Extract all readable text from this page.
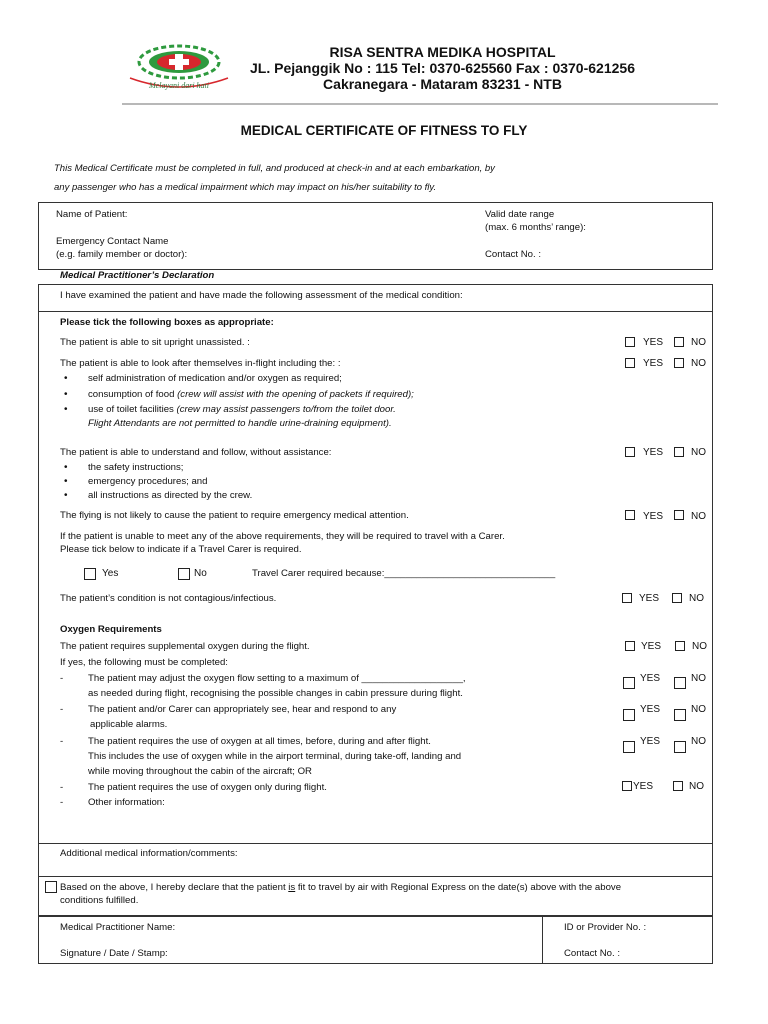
Melayani dari hati
RISA SENTRA MEDIKA HOSPITAL
JL. Pejanggik No : 115 Tel: 0370-625560 Fax : 0370-621256
Cakranegara - Mataram 83231 - NTB
MEDICAL CERTIFICATE OF FITNESS TO FLY
This Medical Certificate must be completed in full, and produced at check-in and at each embarkation, by
any passenger who has a medical impairment which may impact on his/her suitability to fly.
Name of Patient:
Emergency Contact Name
(e.g. family member or doctor):
Valid date range
(max. 6 months’ range):
Contact No. :
Medical Practitioner’s Declaration
I have examined the patient and have made the following assessment of the medical condition:
Please tick the following boxes as appropriate:
The patient is able to sit upright unassisted. :	YES	NO
The patient is able to look after themselves in-flight including the: :	YES	NO
• self administration of medication and/or oxygen as required;
• consumption of food (crew will assist with the opening of packets if required);
• use of toilet facilities (crew may assist passengers to/from the toilet door.
Flight Attendants are not permitted to handle urine-draining equipment).
The patient is able to understand and follow, without assistance:	YES	NO
• the safety instructions;
• emergency procedures; and
• all instructions as directed by the crew.
The flying is not likely to cause the patient to require emergency medical attention.	YES	NO
If the patient is unable to meet any of the above requirements, they will be required to travel with a Carer.
Please tick below to indicate if a Travel Carer is required.
Yes	No	Travel Carer required because:________________________________
The patient’s condition is not contagious/infectious.	YES	NO
Oxygen Requirements
The patient requires supplemental oxygen during the flight.	YES	NO
If yes, the following must be completed:
-	The patient may adjust the oxygen flow setting to a maximum of ___________________,
as needed during flight, recognising the possible changes in cabin pressure during flight.
YES	NO
-	The patient and/or Carer can appropriately see, hear and respond to any
applicable alarms.
YES	NO
-	The patient requires the use of oxygen at all times, before, during and after flight.
This includes the use of oxygen while in the airport terminal, during take-off, landing and
while moving throughout the cabin of the aircraft; OR
YES	NO
-	The patient requires the use of oxygen only during flight.	YES	NO
-	Other information:
Additional medical information/comments:
Based on the above, I hereby declare that the patient is fit to travel by air with Regional Express on the date(s) above with the above
conditions fulfilled.
Medical Practitioner Name:
Signature / Date / Stamp:
ID or Provider No. :
Contact No. :
